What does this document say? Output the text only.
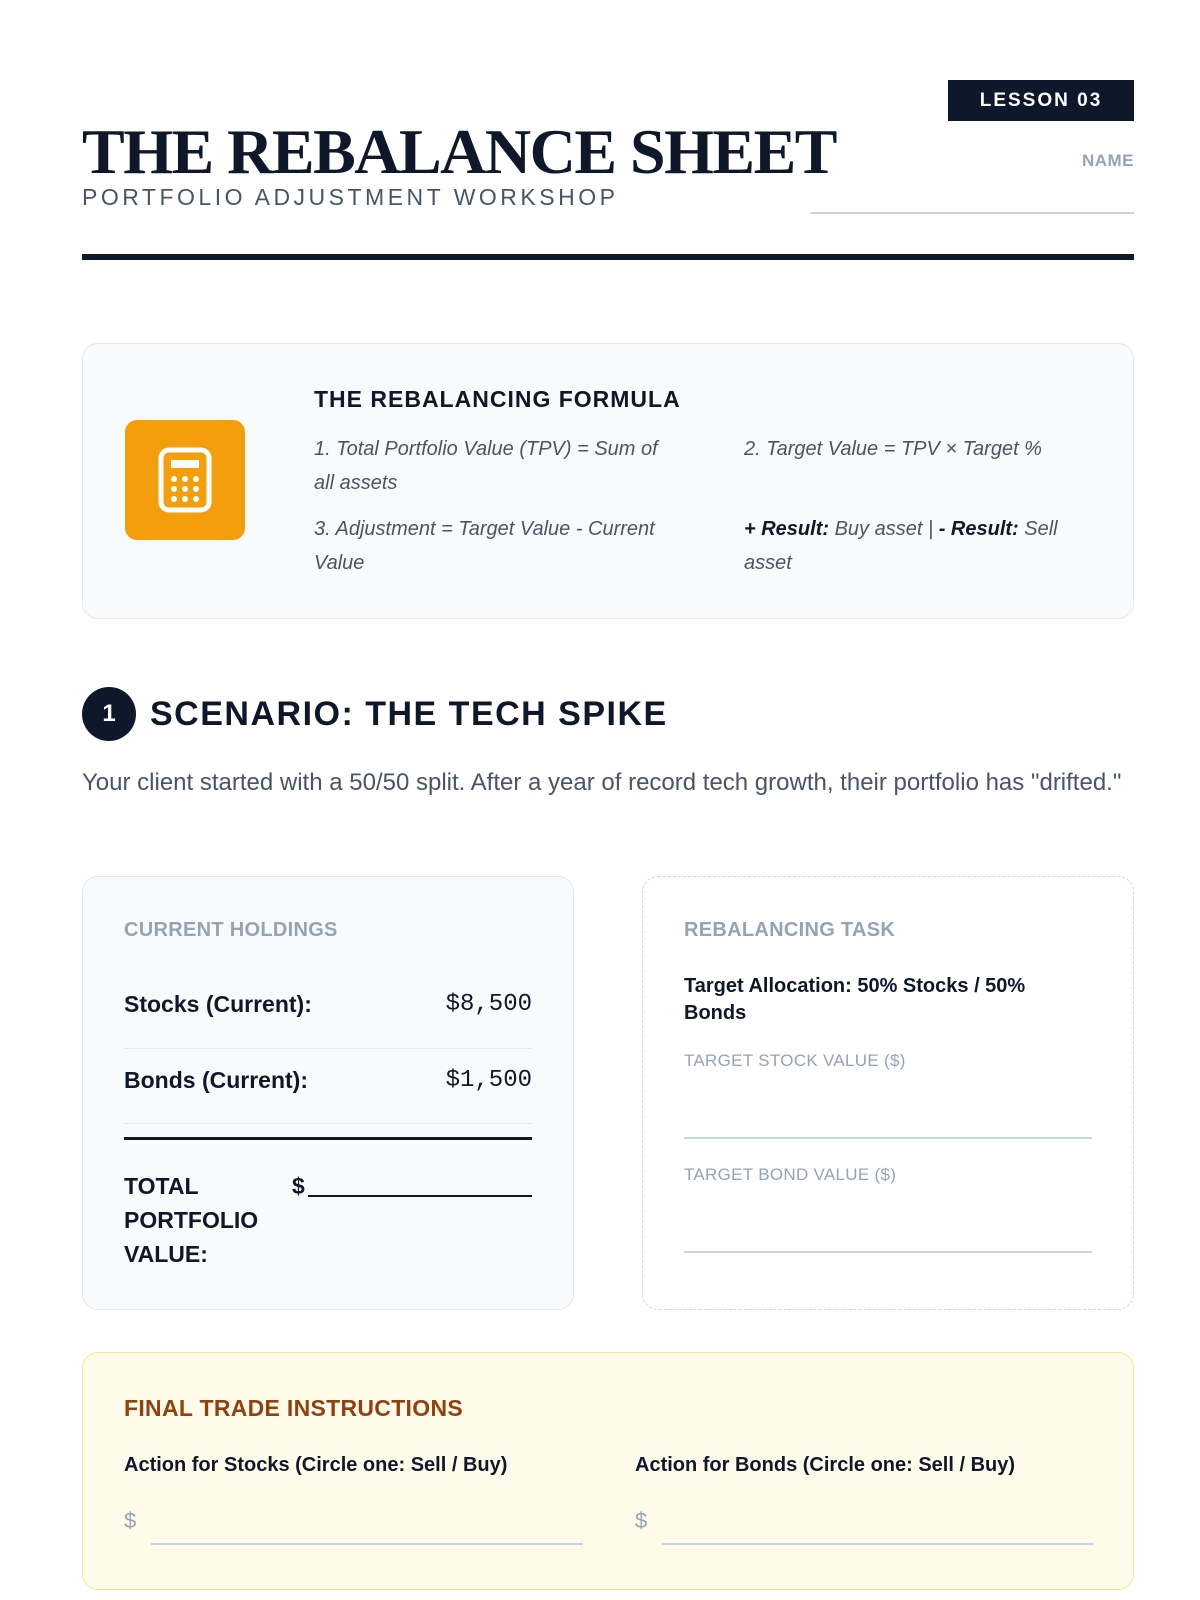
LESSON 03
THE REBALANCE SHEET
PORTFOLIO ADJUSTMENT WORKSHOP
NAME
THE REBALANCING FORMULA
1. Total Portfolio Value (TPV) = Sum of all assets
2. Target Value = TPV × Target %
3. Adjustment = Target Value - Current Value
+ Result: Buy asset | - Result: Sell asset
1	SCENARIO: THE TECH SPIKE
Your client started with a 50/50 split. After a year of record tech growth, their portfolio has "drifted."
CURRENT HOLDINGS
Stocks (Current):	$8,500
Bonds (Current):	$1,500
TOTAL PORTFOLIO VALUE:
$
REBALANCING TASK
Target Allocation: 50% Stocks / 50% Bonds
TARGET STOCK VALUE ($)
TARGET BOND VALUE ($)
FINAL TRADE INSTRUCTIONS
Action for Stocks (Circle one: Sell / Buy)	Action for Bonds (Circle one: Sell / Buy)
$	$
